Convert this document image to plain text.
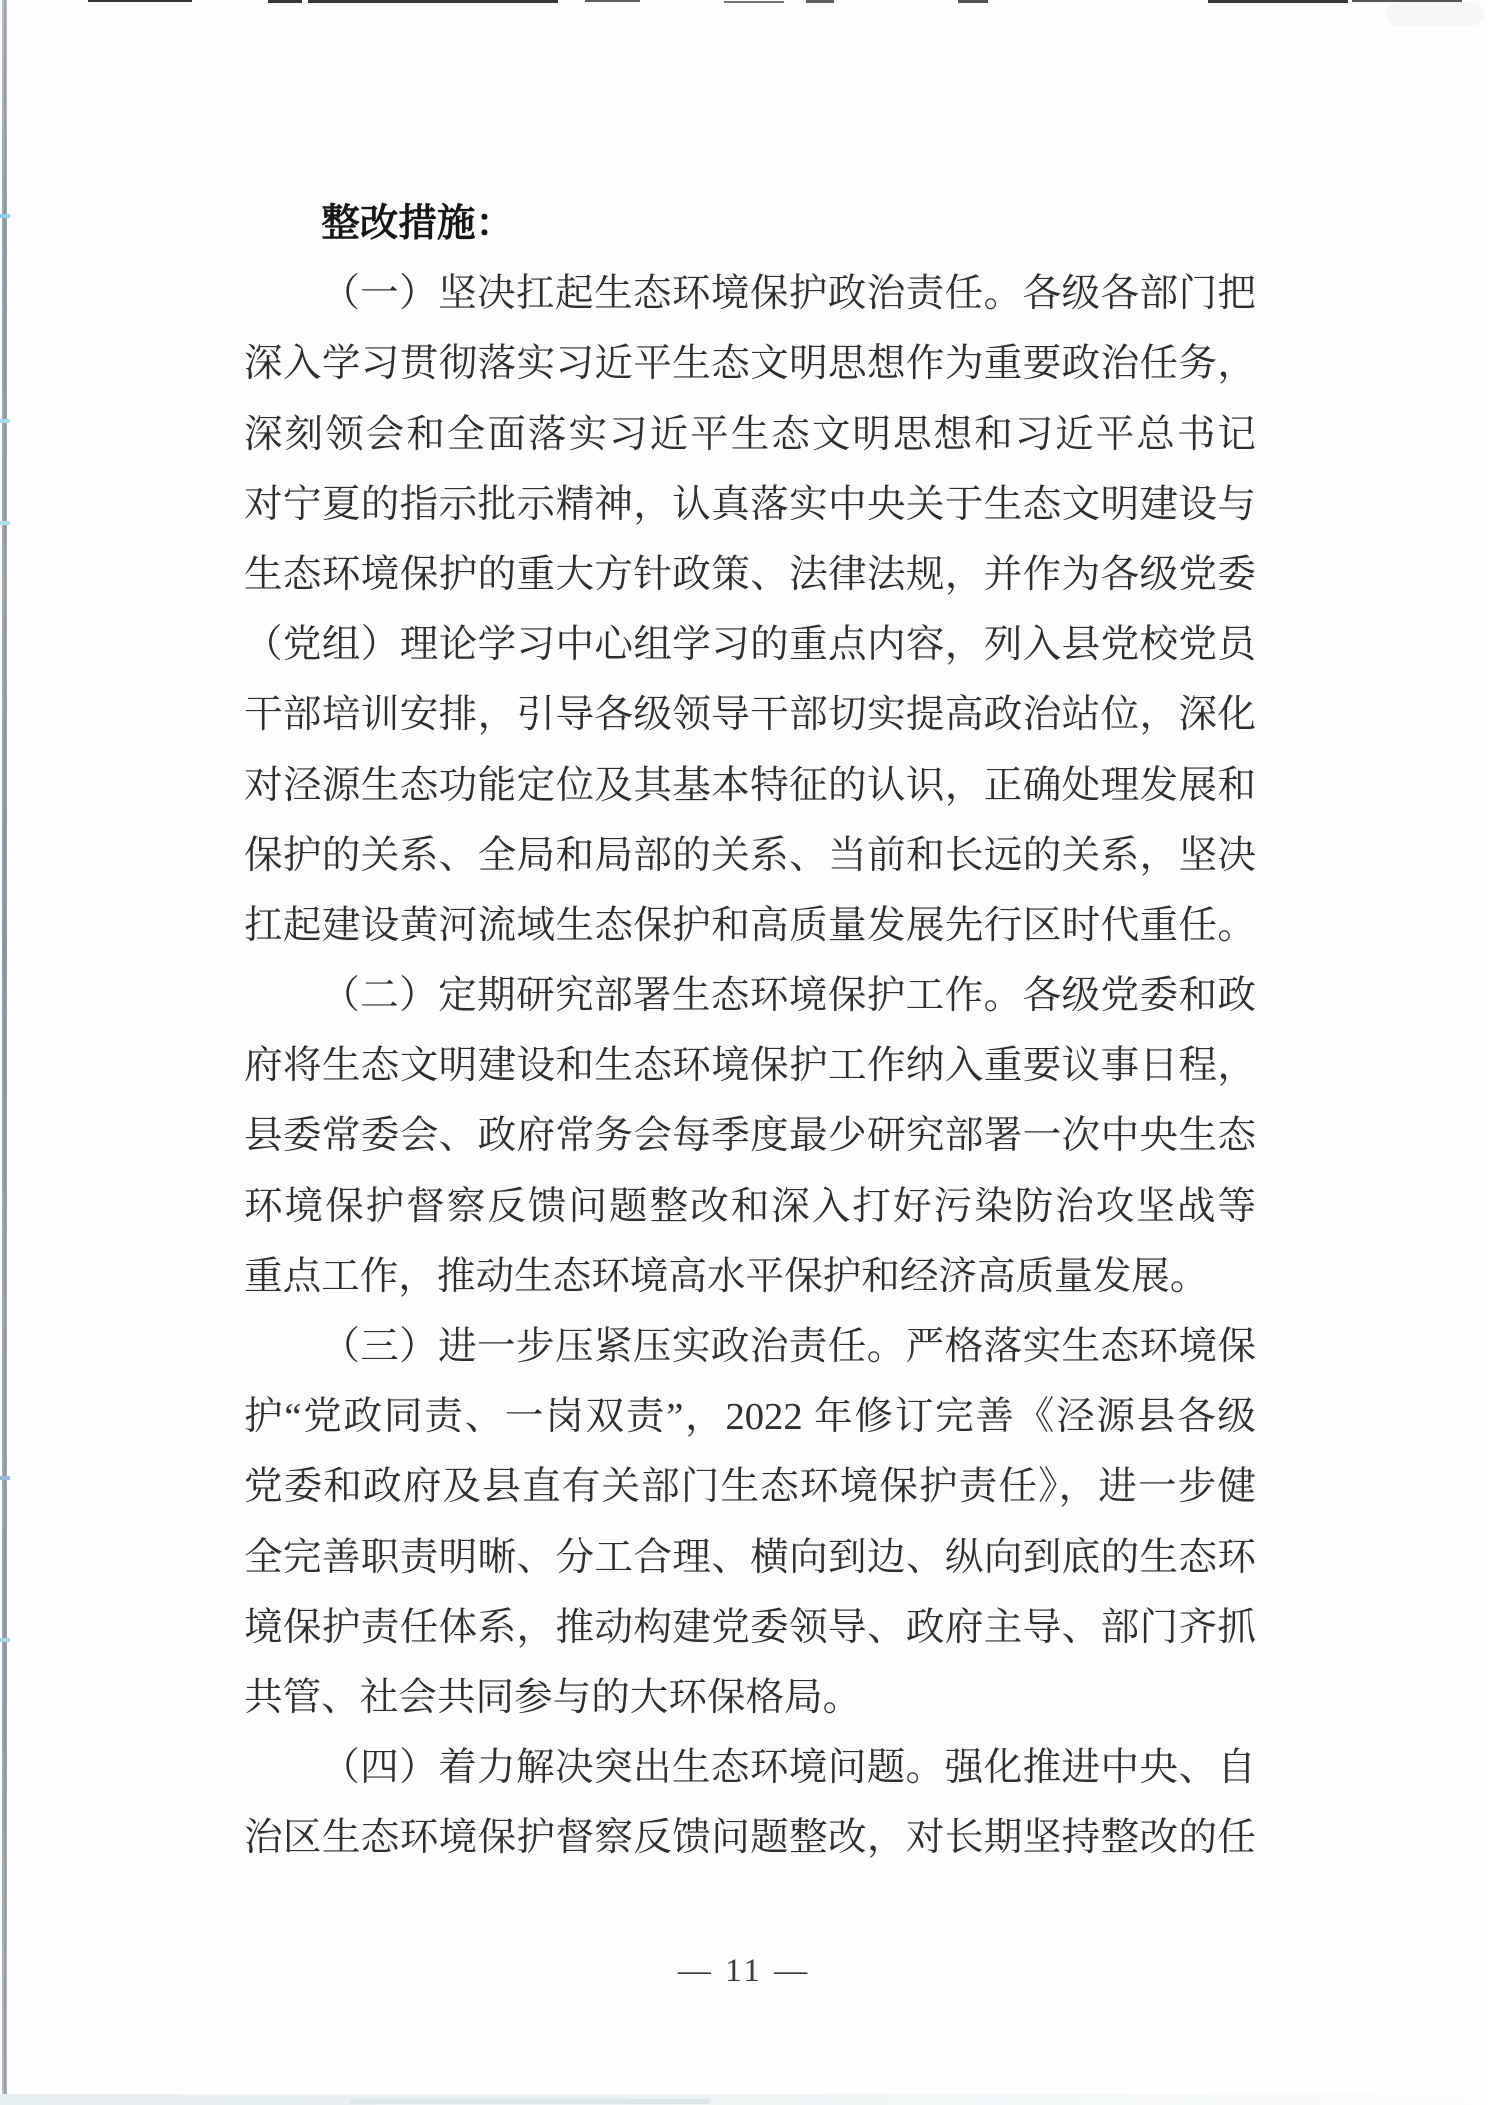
整改措施：
（一）坚决扛起生态环境保护政治责任。各级各部门把
深入学习贯彻落实习近平生态文明思想作为重要政治任务，
深刻领会和全面落实习近平生态文明思想和习近平总书记
对宁夏的指示批示精神，认真落实中央关于生态文明建设与
生态环境保护的重大方针政策、法律法规，并作为各级党委
（党组）理论学习中心组学习的重点内容，列入县党校党员
干部培训安排，引导各级领导干部切实提高政治站位，深化
对泾源生态功能定位及其基本特征的认识，正确处理发展和
保护的关系、全局和局部的关系、当前和长远的关系，坚决
扛起建设黄河流域生态保护和高质量发展先行区时代重任。
（二）定期研究部署生态环境保护工作。各级党委和政
府将生态文明建设和生态环境保护工作纳入重要议事日程，
县委常委会、政府常务会每季度最少研究部署一次中央生态
环境保护督察反馈问题整改和深入打好污染防治攻坚战等
重点工作，推动生态环境高水平保护和经济高质量发展。
（三）进一步压紧压实政治责任。严格落实生态环境保
护“党政同责、一岗双责”，2022 年修订完善《泾源县各级
党委和政府及县直有关部门生态环境保护责任》，进一步健
全完善职责明晰、分工合理、横向到边、纵向到底的生态环
境保护责任体系，推动构建党委领导、政府主导、部门齐抓
共管、社会共同参与的大环保格局。
（四）着力解决突出生态环境问题。强化推进中央、自
治区生态环境保护督察反馈问题整改，对长期坚持整改的任
— 11 —
